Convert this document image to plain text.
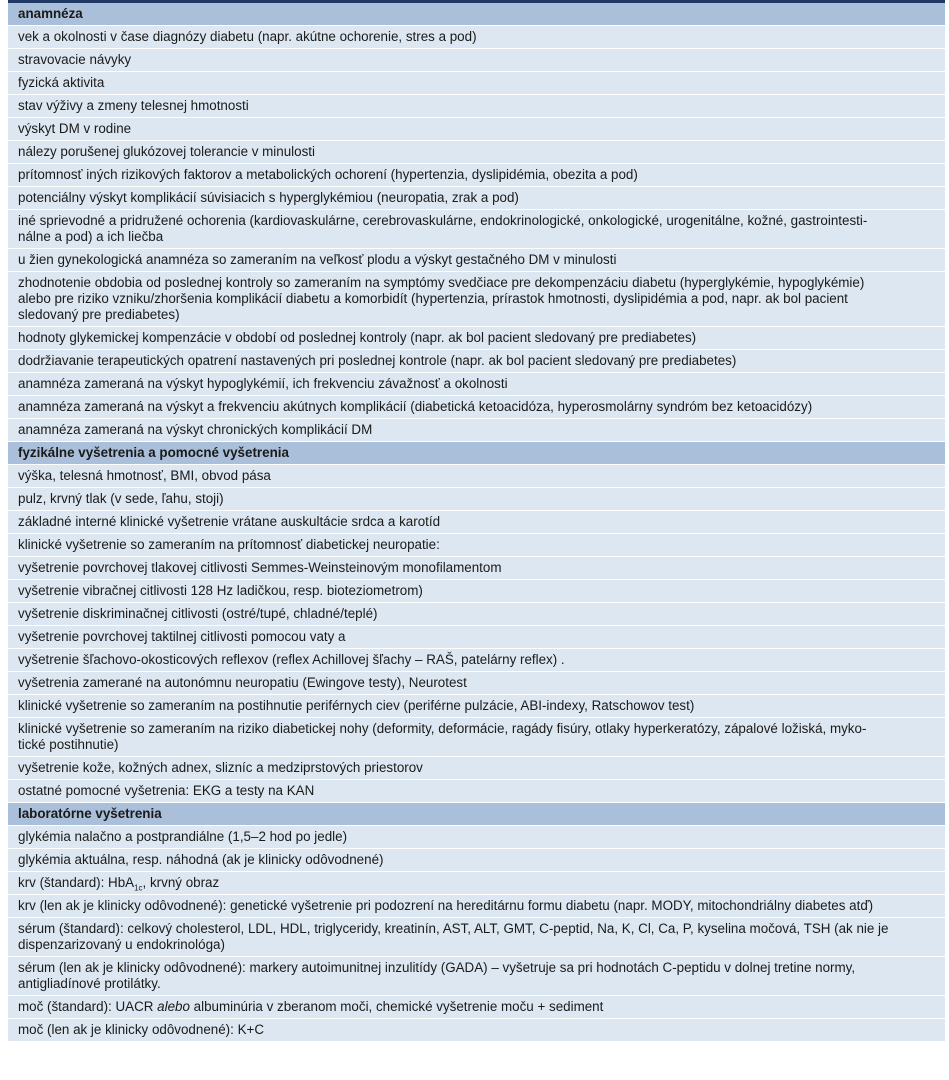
anamnéza
vek a okolnosti v čase diagnózy diabetu (napr. akútne ochorenie, stres a pod)
stravovacie návyky
fyzická aktivita
stav výživy a zmeny telesnej hmotnosti
výskyt DM v rodine
nálezy porušenej glukózovej tolerancie v minulosti
prítomnosť iných rizikových faktorov a metabolických ochorení (hypertenzia, dyslipidémia, obezita a pod)
potenciálny výskyt komplikácií súvisiacich s hyperglykémiou (neuropatia, zrak a pod)
iné sprievodné a pridružené ochorenia (kardiovaskulárne, cerebrovaskulárne, endokrinologické, onkologické, urogenitálne, kožné, gastrointesti-
nálne a pod) a ich liečba
u žien gynekologická anamnéza so zameraním na veľkosť plodu a výskyt gestačného DM v minulosti
zhodnotenie obdobia od poslednej kontroly so zameraním na symptómy svedčiace pre dekompenzáciu diabetu (hyperglykémie, hypoglykémie)
alebo pre riziko vzniku/zhoršenia komplikácií diabetu a komorbidít (hypertenzia, prírastok hmotnosti, dyslipidémia a pod, napr. ak bol pacient
sledovaný pre prediabetes)
hodnoty glykemickej kompenzácie v období od poslednej kontroly (napr. ak bol pacient sledovaný pre prediabetes)
dodržiavanie terapeutických opatrení nastavených pri poslednej kontrole (napr. ak bol pacient sledovaný pre prediabetes)
anamnéza zameraná na výskyt hypoglykémií, ich frekvenciu závažnosť a okolnosti
anamnéza zameraná na výskyt a frekvenciu akútnych komplikácií (diabetická ketoacidóza, hyperosmolárny syndróm bez ketoacidózy)
anamnéza zameraná na výskyt chronických komplikácií DM
fyzikálne vyšetrenia a pomocné vyšetrenia
výška, telesná hmotnosť, BMI, obvod pása
pulz, krvný tlak (v sede, ľahu, stoji)
základné interné klinické vyšetrenie vrátane auskultácie srdca a karotíd
klinické vyšetrenie so zameraním na prítomnosť diabetickej neuropatie:
vyšetrenie povrchovej tlakovej citlivosti Semmes-Weinsteinovým monofilamentom
vyšetrenie vibračnej citlivosti 128 Hz ladičkou, resp. bioteziometrom)
vyšetrenie diskriminačnej citlivosti (ostré/tupé, chladné/teplé)
vyšetrenie povrchovej taktilnej citlivosti pomocou vaty a
vyšetrenie šľachovo-okosticových reflexov (reflex Achillovej šľachy – RAŠ, patelárny reflex) .
vyšetrenia zamerané na autonómnu neuropatiu (Ewingove testy), Neurotest
klinické vyšetrenie so zameraním na postihnutie periférnych ciev (periférne pulzácie, ABI-indexy, Ratschowov test)
klinické vyšetrenie so zameraním na riziko diabetickej nohy (deformity, deformácie, ragády fisúry, otlaky hyperkeratózy, zápalové ložiská, myko-
tické postihnutie)
vyšetrenie kože, kožných adnex, slizníc a medziprstových priestorov
ostatné pomocné vyšetrenia: EKG a testy na KAN
laboratórne vyšetrenia
glykémia nalačno a postprandiálne (1,5–2 hod po jedle)
glykémia aktuálna, resp. náhodná (ak je klinicky odôvodnené)
krv (štandard): HbA$_{1c}$, krvný obraz
krv (len ak je klinicky odôvodnené): genetické vyšetrenie pri podozrení na hereditárnu formu diabetu (napr. MODY, mitochondriálny diabetes atď)
sérum (štandard): celkový cholesterol, LDL, HDL, triglyceridy, kreatinín, AST, ALT, GMT, C-peptid, Na, K, Cl, Ca, P, kyselina močová, TSH (ak nie je
dispenzarizovaný u endokrinológa)
sérum (len ak je klinicky odôvodnené): markery autoimunitnej inzulitídy (GADA) – vyšetruje sa pri hodnotách C-peptidu v dolnej tretine normy,
antigliadínové protilátky.
moč (štandard): UACR alebo albuminúria v zberanom moči, chemické vyšetrenie moču + sediment
moč (len ak je klinicky odôvodnené): K+C
